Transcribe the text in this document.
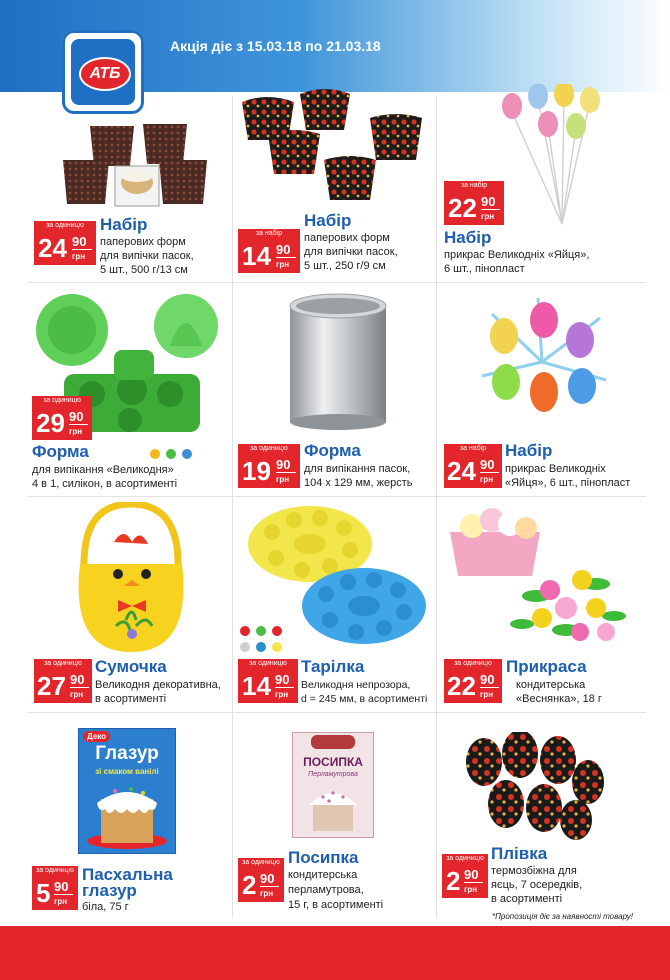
Акція діє з 15.03.18 по 21.03.18
АТБ
Деко
Глазур
зі смаком ванілі
ПОСИПКА
Перламутрова
за одиницю
24 90
грн
Набір
паперових форм
для випічки пасок,
5 шт., 500 г/13 см
за набір
14 90
грн
Набір
паперових форм
для випічки пасок,
5 шт., 250 г/9 см
за набір
22 90
грн
Набір
прикрас Великодніх «Яйця»,
6 шт., пінопласт
за одиницю
29 90
грн
Форма
для випікання «Великодня»
4 в 1, силікон, в асортименті
за одиницю
19 90
грн
Форма
для випікання пасок,
104 х 129 мм, жерсть
за набір
24 90
грн
Набір
прикрас Великодніх
«Яйця», 6 шт., пінопласт
за одиницю
27 90
грн
Сумочка
Великодня декоративна,
в асортименті
за одиницю
14 90
грн
Тарілка
Великодня непрозора,
d = 245 мм, в асортименті
за одиницю
22 90
грн
Прикраса
кондитерська
«Веснянка», 18 г
за одиницю
5 90
грн
Пасхальна
глазур
біла, 75 г
за одиницю
2 90
грн
Посипка
кондитерська
перламутрова,
15 г, в асортименті
за одиницю
2 90
грн
Плівка
термозбіжна для
яєць, 7 осередків,
в асортименті
*Пропозиція діє за наявності товару!
